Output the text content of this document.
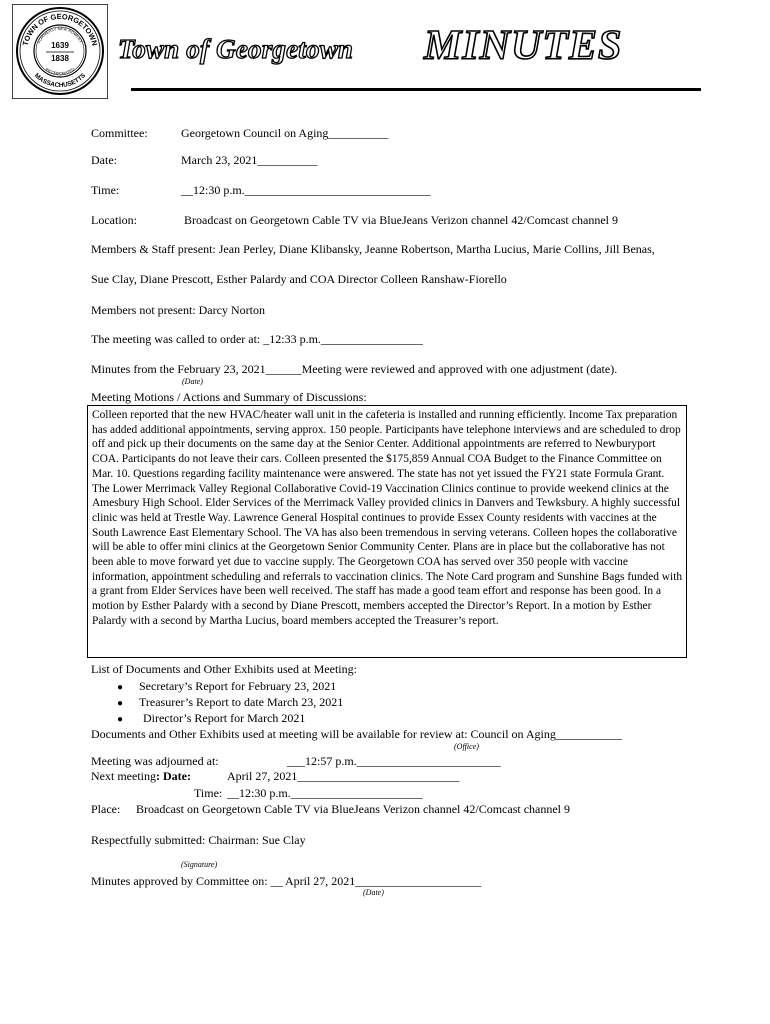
TOWN OF GEORGETOWN
MASSACHUSETTS
FORMERLY NEW ROWLEY
INCORPORATED
1639
1838 Town of Georgetown MINUTES
Committee:	Georgetown Council on Aging__________
Date:	March 23, 2021__________
Time:	__12:30 p.m._______________________________
Location:	Broadcast on Georgetown Cable TV via BlueJeans Verizon channel 42/Comcast channel 9
Members & Staff present: Jean Perley, Diane Klibansky, Jeanne Robertson, Martha Lucius, Marie Collins, Jill Benas,
Sue Clay, Diane Prescott, Esther Palardy and COA Director Colleen Ranshaw-Fiorello
Members not present: Darcy Norton
The meeting was called to order at: _12:33 p.m._________________
Minutes from the February 23, 2021______Meeting were reviewed and approved with one adjustment (date).
(Date)
Meeting Motions / Actions and Summary of Discussions:
Colleen reported that the new HVAC/heater wall unit in the cafeteria is installed and running efficiently. Income Tax preparation has added additional appointments, serving approx. 150 people. Participants have telephone interviews and are scheduled to drop off and pick up their documents on the same day at the Senior Center. Additional appointments are referred to Newburyport COA. Participants do not leave their cars. Colleen presented the $175,859 Annual COA Budget to the Finance Committee on Mar. 10. Questions regarding facility maintenance were answered. The state has not yet issued the FY21 state Formula Grant. The Lower Merrimack Valley Regional Collaborative Covid-19 Vaccination Clinics continue to provide weekend clinics at the Amesbury High School. Elder Services of the Merrimack Valley provided clinics in Danvers and Tewksbury. A highly successful clinic was held at Trestle Way. Lawrence General Hospital continues to provide Essex County residents with vaccines at the South Lawrence East Elementary School. The VA has also been tremendous in serving veterans. Colleen hopes the collaborative will be able to offer mini clinics at the Georgetown Senior Community Center. Plans are in place but the collaborative has not been able to move forward yet due to vaccine supply. The Georgetown COA has served over 350 people with vaccine information, appointment scheduling and referrals to vaccination clinics. The Note Card program and Sunshine Bags funded with a grant from Elder Services have been well received. The staff has made a good team effort and response has been good. In a motion by Esther Palardy with a second by Diane Prescott, members accepted the Director’s Report. In a motion by Esther Palardy with a second by Martha Lucius, board members accepted the Treasurer’s report.
List of Documents and Other Exhibits used at Meeting:
● Secretary’s Report for February 23, 2021
● Treasurer’s Report to date March 23, 2021
● Director’s Report for March 2021
Documents and Other Exhibits used at meeting will be available for review at: Council on Aging___________
(Office)
Meeting was adjourned at:	___12:57 p.m.________________________
Next meeting: Date:	April 27, 2021___________________________
Time: __12:30 p.m.______________________
Place: Broadcast on Georgetown Cable TV via BlueJeans Verizon channel 42/Comcast channel 9
Respectfully submitted: Chairman: Sue Clay
(Signature)
Minutes approved by Committee on: __ April 27, 2021_____________________
(Date)
